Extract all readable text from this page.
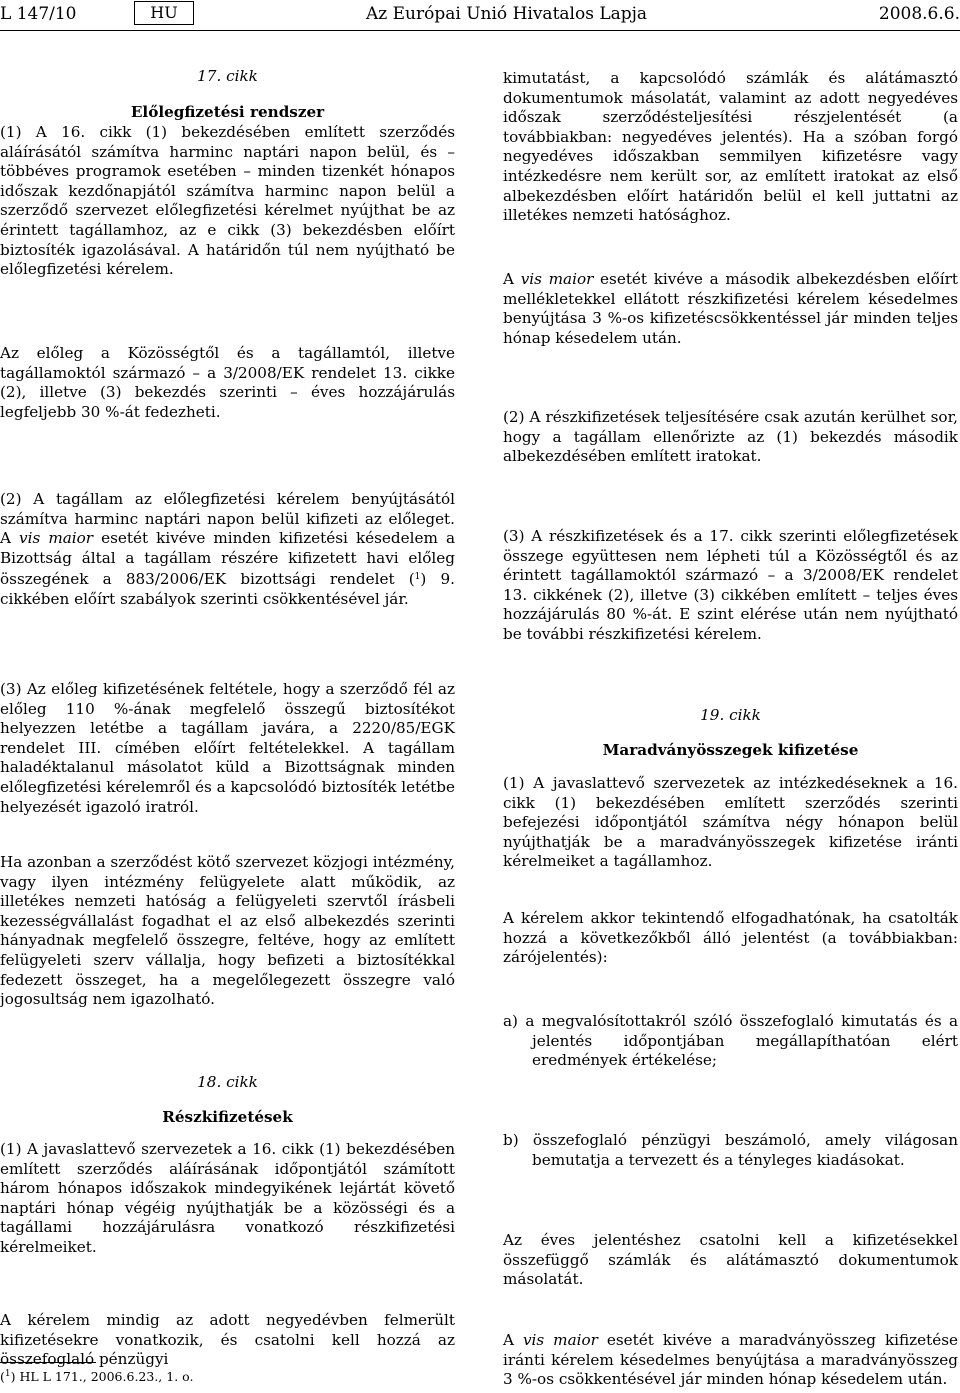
L 147/10	HU	Az Európai Unió Hivatalos Lapja	2008.6.6.

17. cikk

Előlegfizetési rendszer

(1) A 16. cikk (1) bekezdésében említett szerződés aláírásától számítva harminc naptári napon belül, és – többéves programok esetében – minden tizenkét hónapos időszak kezdőnapjától számítva harminc napon belül a szerződő szervezet előlegfizetési kérelmet nyújthat be az érintett tagállamhoz, az e cikk (3) bekezdésben előírt biztosíték igazolásával. A határidőn túl nem nyújtható be előlegfizetési kérelem.

Az előleg a Közösségtől és a tagállamtól, illetve tagállamoktól származó – a 3/2008/EK rendelet 13. cikke (2), illetve (3) bekezdés szerinti – éves hozzájárulás legfeljebb 30 %-át fedezheti.

(2) A tagállam az előlegfizetési kérelem benyújtásától számítva harminc naptári napon belül kifizeti az előleget. A vis maior esetét kivéve minden kifizetési késedelem a Bizottság által a tagállam részére kifizetett havi előleg összegének a 883/2006/EK bizottsági rendelet ($^1$) 9. cikkében előírt szabályok szerinti csökkentésével jár.

(3) Az előleg kifizetésének feltétele, hogy a szerződő fél az előleg 110 %-ának megfelelő összegű biztosítékot helyezzen letétbe a tagállam javára, a 2220/85/EGK rendelet III. címében előírt feltételekkel. A tagállam haladéktalanul másolatot küld a Bizottságnak minden előlegfizetési kérelemről és a kapcsolódó biztosíték letétbe helyezését igazoló iratról.

Ha azonban a szerződést kötő szervezet közjogi intézmény, vagy ilyen intézmény felügyelete alatt működik, az illetékes nemzeti hatóság a felügyeleti szervtől írásbeli kezességvállalást fogadhat el az első albekezdés szerinti hányadnak megfelelő összegre, feltéve, hogy az említett felügyeleti szerv vállalja, hogy befizeti a biztosítékkal fedezett összeget, ha a megelőlegezett összegre való jogosultság nem igazolható.

18. cikk

Részkifizetések

(1) A javaslattevő szervezetek a 16. cikk (1) bekezdésében említett szerződés aláírásának időpontjától számított három hónapos időszakok mindegyikének lejártát követő naptári hónap végéig nyújthatják be a közösségi és a tagállami hozzájárulásra vonatkozó részkifizetési kérelmeiket.

A kérelem mindig az adott negyedévben felmerült kifizetésekre vonatkozik, és csatolni kell hozzá az összefoglaló pénzügyi

($^1$) HL L 171., 2006.6.23., 1. o.

kimutatást, a kapcsolódó számlák és alátámasztó dokumentumok másolatát, valamint az adott negyedéves időszak szerződésteljesítési részjelentését (a továbbiakban: negyedéves jelentés). Ha a szóban forgó negyedéves időszakban semmilyen kifizetésre vagy intézkedésre nem került sor, az említett iratokat az első albekezdésben előírt határidőn belül el kell juttatni az illetékes nemzeti hatósághoz.

A vis maior esetét kivéve a második albekezdésben előírt mellékletekkel ellátott részkifizetési kérelem késedelmes benyújtása 3 %-os kifizetéscsökkentéssel jár minden teljes hónap késedelem után.

(2) A részkifizetések teljesítésére csak azután kerülhet sor, hogy a tagállam ellenőrizte az (1) bekezdés második albekezdésében említett iratokat.

(3) A részkifizetések és a 17. cikk szerinti előlegfizetések összege együttesen nem lépheti túl a Közösségtől és az érintett tagállamoktól származó – a 3/2008/EK rendelet 13. cikkének (2), illetve (3) cikkében említett – teljes éves hozzájárulás 80 %-át. E szint elérése után nem nyújtható be további részkifizetési kérelem.

19. cikk

Maradványösszegek kifizetése

(1) A javaslattevő szervezetek az intézkedéseknek a 16. cikk (1) bekezdésében említett szerződés szerinti befejezési időpontjától számítva négy hónapon belül nyújthatják be a maradványösszegek kifizetése iránti kérelmeiket a tagállamhoz.

A kérelem akkor tekintendő elfogadhatónak, ha csatolták hozzá a következőkből álló jelentést (a továbbiakban: zárójelentés):

a) a megvalósítottakról szóló összefoglaló kimutatás és a jelentés időpontjában megállapíthatóan elért eredmények értékelése;

b) összefoglaló pénzügyi beszámoló, amely világosan bemutatja a tervezett és a tényleges kiadásokat.

Az éves jelentéshez csatolni kell a kifizetésekkel összefüggő számlák és alátámasztó dokumentumok másolatát.

A vis maior esetét kivéve a maradványösszeg kifizetése iránti kérelem késedelmes benyújtása a maradványösszeg 3 %-os csökkentésével jár minden hónap késedelem után.
